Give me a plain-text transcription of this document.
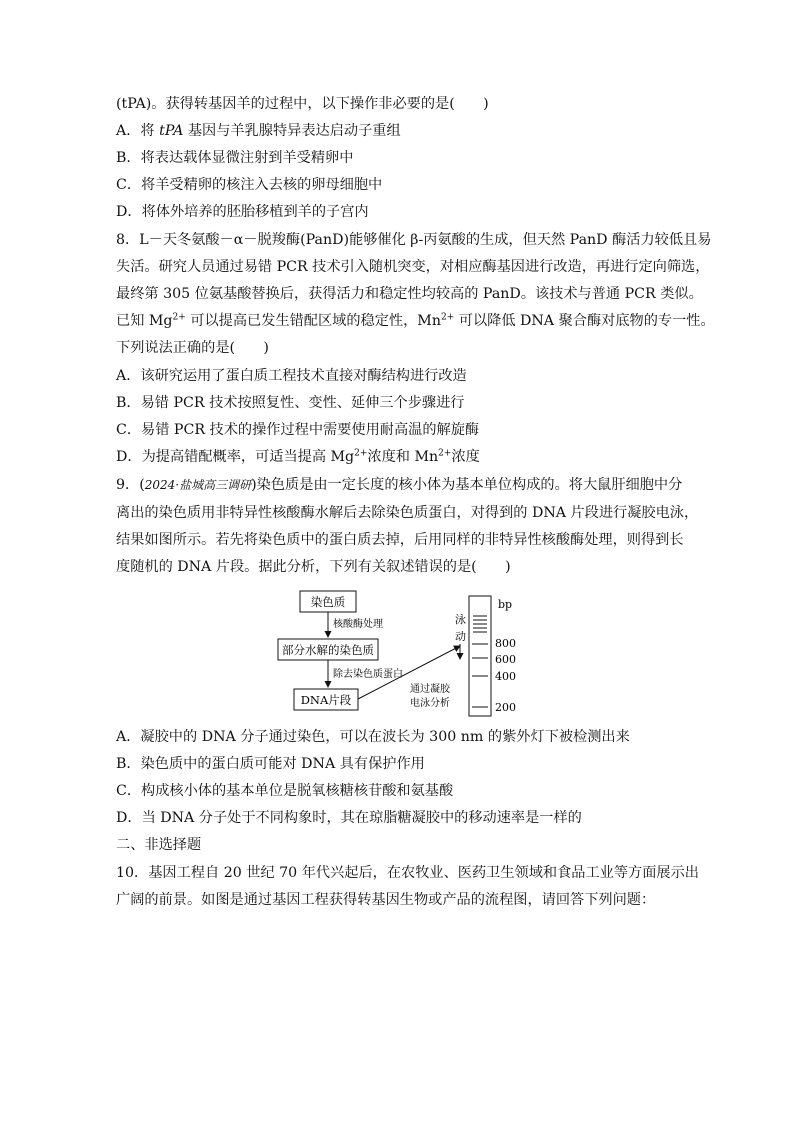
(tPA)。获得转基因羊的过程中，以下操作非必要的是(　　)
A．将 tPA 基因与羊乳腺特异表达启动子重组
B．将表达载体显微注射到羊受精卵中
C．将羊受精卵的核注入去核的卵母细胞中
D．将体外培养的胚胎移植到羊的子宫内
8．L－天冬氨酸－α－脱羧酶(PanD)能够催化 β-丙氨酸的生成，但天然 PanD 酶活力较低且易
失活。研究人员通过易错 PCR 技术引入随机突变，对相应酶基因进行改造，再进行定向筛选，
最终第 305 位氨基酸替换后，获得活力和稳定性均较高的 PanD。该技术与普通 PCR 类似。
已知 $Mg^{2+}$ 可以提高已发生错配区域的稳定性，$Mn^{2+}$ 可以降低 DNA 聚合酶对底物的专一性。
下列说法正确的是(　　)
A．该研究运用了蛋白质工程技术直接对酶结构进行改造
B．易错 PCR 技术按照复性、变性、延伸三个步骤进行
C．易错 PCR 技术的操作过程中需要使用耐高温的解旋酶
D．为提高错配概率，可适当提高 $Mg^{2+}$浓度和 $Mn^{2+}$浓度
9．(2024·盐城高三调研)染色质是由一定长度的核小体为基本单位构成的。将大鼠肝细胞中分
离出的染色质用非特异性核酸酶水解后去除染色质蛋白，对得到的 DNA 片段进行凝胶电泳，
结果如图所示。若先将染色质中的蛋白质去掉，后用同样的非特异性核酸酶处理，则得到长
度随机的 DNA 片段。据此分析，下列有关叙述错误的是(　　)
染色质
核酸酶处理
部分水解的染色质
除去染色质蛋白
DNA片段
通过凝胶
电泳分析
泳
动
bp
800
600
400
200
A．凝胶中的 DNA 分子通过染色，可以在波长为 300 nm 的紫外灯下被检测出来
B．染色质中的蛋白质可能对 DNA 具有保护作用
C．构成核小体的基本单位是脱氧核糖核苷酸和氨基酸
D．当 DNA 分子处于不同构象时，其在琼脂糖凝胶中的移动速率是一样的
二、非选择题
10．基因工程自 20 世纪 70 年代兴起后，在农牧业、医药卫生领域和食品工业等方面展示出
广阔的前景。如图是通过基因工程获得转基因生物或产品的流程图，请回答下列问题：
